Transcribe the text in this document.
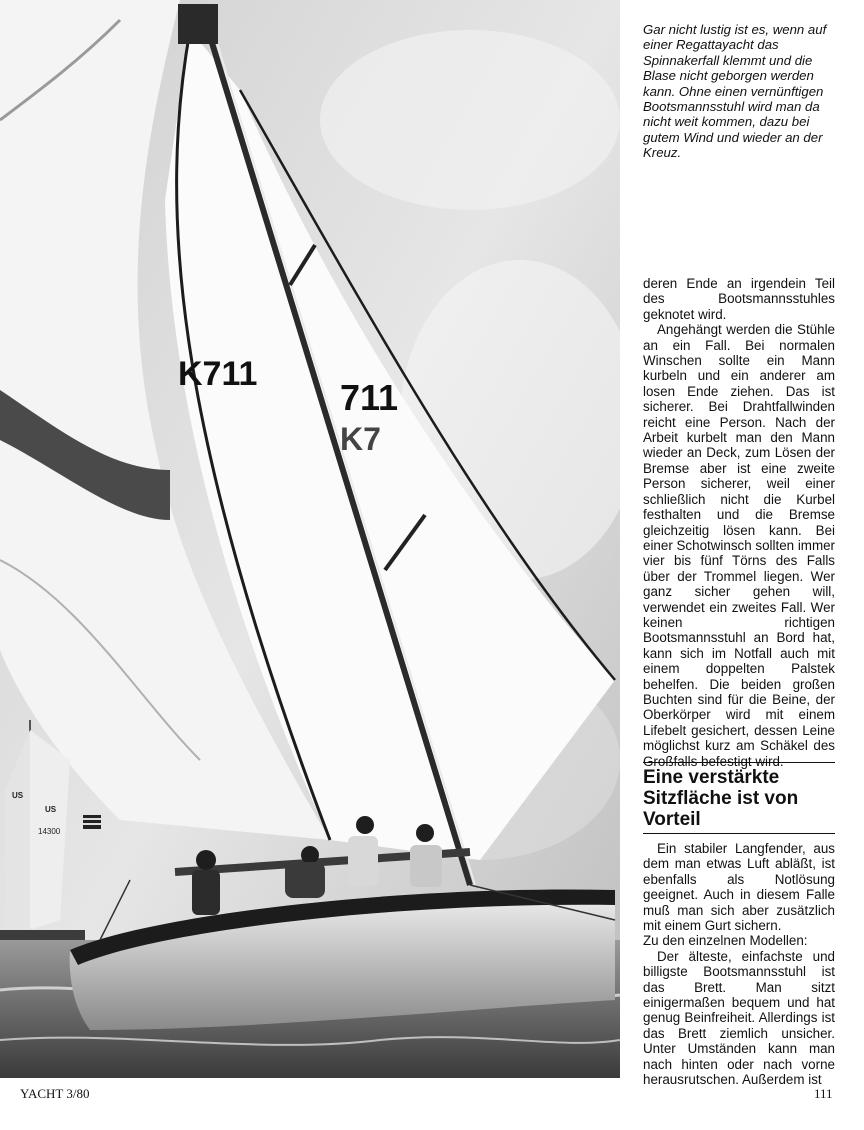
K711
711
K7
US
US
14300

Gar nicht lustig ist es, wenn auf einer Regattayacht das Spinnakerfall klemmt und die Blase nicht geborgen werden kann. Ohne einen vernünftigen Bootsmannsstuhl wird man da nicht weit kommen, dazu bei gutem Wind und wieder an der Kreuz.

deren Ende an irgendein Teil des Bootsmannsstuhles geknotet wird.

Angehängt werden die Stühle an ein Fall. Bei normalen Winschen sollte ein Mann kurbeln und ein anderer am losen Ende ziehen. Das ist sicherer. Bei Drahtfallwinden reicht eine Person. Nach der Arbeit kurbelt man den Mann wieder an Deck, zum Lösen der Bremse aber ist eine zweite Person sicherer, weil einer schließlich nicht die Kurbel festhalten und die Bremse gleichzeitig lösen kann. Bei einer Schotwinsch sollten immer vier bis fünf Törns des Falls über der Trommel liegen. Wer ganz sicher gehen will, verwendet ein zweites Fall. Wer keinen richtigen Bootsmannsstuhl an Bord hat, kann sich im Notfall auch mit einem doppelten Palstek behelfen. Die beiden großen Buchten sind für die Beine, der Oberkörper wird mit einem Lifebelt gesichert, dessen Leine möglichst kurz am Schäkel des Großfalls befestigt wird.

Eine verstärkte Sitzfläche ist von Vorteil

Ein stabiler Langfender, aus dem man etwas Luft abläßt, ist ebenfalls als Notlösung geeignet. Auch in diesem Falle muß man sich aber zusätzlich mit einem Gurt sichern.

Zu den einzelnen Modellen:

Der älteste, einfachste und billigste Bootsmannsstuhl ist das Brett. Man sitzt einigermaßen bequem und hat genug Beinfreiheit. Allerdings ist das Brett ziemlich unsicher. Unter Umständen kann man nach hinten oder nach vorne herausrutschen. Außerdem ist

YACHT 3/80	111
